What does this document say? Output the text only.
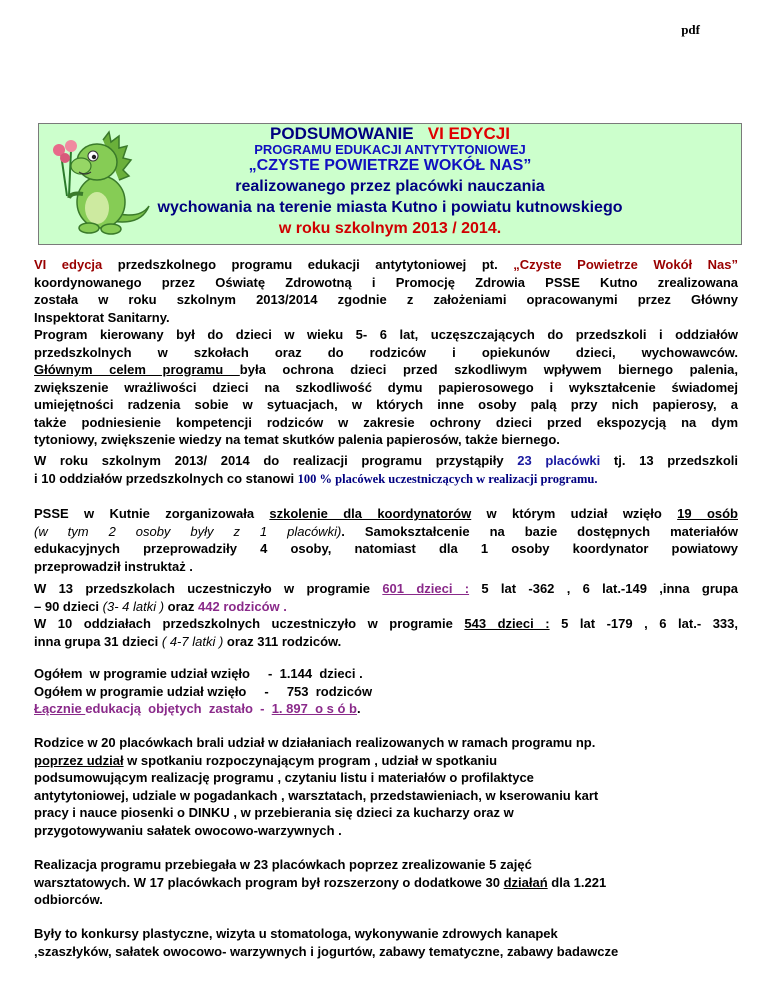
pdf
PODSUMOWANIE VI EDYCJI
PROGRAMU EDUKACJI ANTYTYTONIOWEJ
„CZYSTE POWIETRZE WOKÓŁ NAS”
realizowanego przez placówki nauczania
wychowania na terenie miasta Kutno i powiatu kutnowskiego
w roku szkolnym 2013 / 2014.

VI edycja przedszkolnego programu edukacji antytytoniowej pt. „Czyste Powietrze Wokół Nas”

koordynowanego przez Oświatę Zdrowotną i Promocję Zdrowia PSSE Kutno zrealizowana

została w roku szkolnym 2013/2014 zgodnie z założeniami opracowanymi przez Główny

Inspektorat Sanitarny.

Program kierowany był do dzieci w wieku 5- 6 lat, uczęszczających do przedszkoli i oddziałów

przedszkolnych w szkołach oraz do rodziców i opiekunów dzieci, wychowawców.

Głównym celem programu była ochrona dzieci przed szkodliwym wpływem biernego palenia,

zwiększenie wrażliwości dzieci na szkodliwość dymu papierosowego i wykształcenie świadomej

umiejętności radzenia sobie w sytuacjach, w których inne osoby palą przy nich papierosy, a

także podniesienie kompetencji rodziców w zakresie ochrony dzieci przed ekspozycją na dym

tytoniowy, zwiększenie wiedzy na temat skutków palenia papierosów, także biernego.

W roku szkolnym 2013/ 2014 do realizacji programu przystąpiły 23 placówki tj. 13 przedszkoli

i 10 oddziałów przedszkolnych co stanowi 100 % placówek uczestniczących w realizacji programu.

PSSE w Kutnie zorganizowała szkolenie dla koordynatorów w którym udział wzięło 19 osób

(w tym 2 osoby były z 1 placówki). Samokształcenie na bazie dostępnych materiałów

edukacyjnych przeprowadziły 4 osoby, natomiast dla 1 osoby koordynator powiatowy

przeprowadził instruktaż .

W 13 przedszkolach uczestniczyło w programie 601 dzieci : 5 lat -362 , 6 lat.-149 ,inna grupa

– 90 dzieci (3- 4 latki ) oraz 442 rodziców .

W 10 oddziałach przedszkolnych uczestniczyło w programie 543 dzieci : 5 lat -179 , 6 lat.- 333,

inna grupa 31 dzieci ( 4-7 latki ) oraz 311 rodziców.

Ogółem  w programie udział wzięło     -  1.144  dzieci .

Ogółem w programie udział wzięło     -     753  rodziców

Łącznie edukacją  objętych  zastało  -  1. 897  o s ó b.

Rodzice w 20 placówkach brali udział w działaniach realizowanych w ramach programu np.

poprzez udział w spotkaniu rozpoczynającym program , udział w spotkaniu

podsumowującym realizację programu , czytaniu listu i materiałów o profilaktyce

antytytoniowej, udziale w pogadankach , warsztatach, przedstawieniach, w kserowaniu kart

pracy i nauce piosenki o DINKU , w przebierania się dzieci za kucharzy oraz w

przygotowywaniu sałatek owocowo-warzywnych .

Realizacja programu przebiegała w 23 placówkach poprzez zrealizowanie 5 zajęć

warsztatowych. W 17 placówkach program był rozszerzony o dodatkowe 30 działań dla 1.221

odbiorców.

Były to konkursy plastyczne, wizyta u stomatologa, wykonywanie zdrowych kanapek

,szaszłyków, sałatek owocowo- warzywnych i jogurtów, zabawy tematyczne, zabawy badawcze
